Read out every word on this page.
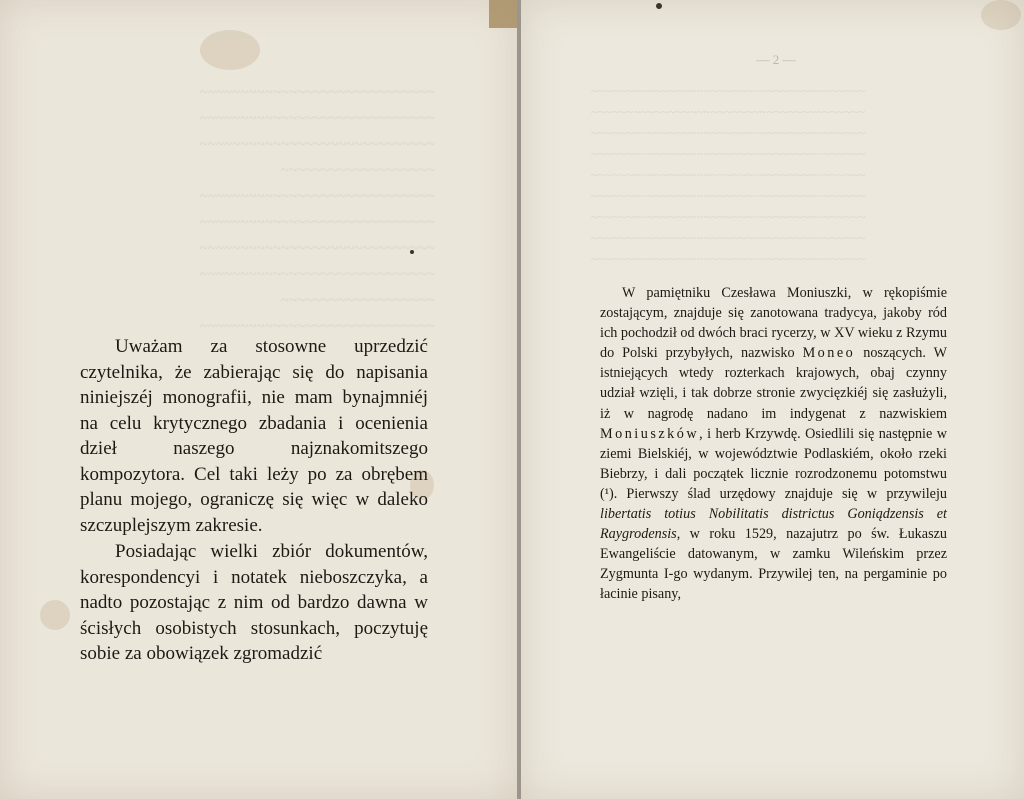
~~~~~~~~~~~~~~~~~~~~~~~~~~~~~
~~~~~~~~~~~~~~~~~~~~~~~~~~~~~
~~~~~~~~~~~~~~~~~~~~~~~~~~~~~
~~~~~~~~~~~~~~~~~~~
~~~~~~~~~~~~~~~~~~~~~~~~~~~~~
~~~~~~~~~~~~~~~~~~~~~~~~~~~~~
~~~~~~~~~~~~~~~~~~~~~~~~~~~~~
~~~~~~~~~~~~~~~~~~~~~~~~~~~~~
~~~~~~~~~~~~~~~~~~~
~~~~~~~~~~~~~~~~~~~~~~~~~~~~~

Uważam za stosowne uprzedzić czytelnika, że zabierając się do napisania niniejszéj monografii, nie mam bynajmniéj na celu krytycznego zbadania i ocenienia dzieł naszego najznakomitszego kompozytora. Cel taki leży po za obrębem planu mojego, ograniczę się więc w daleko szczuplejszym zakresie.

Posiadając wielki zbiór dokumentów, korespondencyi i notatek nieboszczyka, a nadto pozostając z nim od bardzo dawna w ścisłych osobistych stosunkach, poczytuję sobie za obowiązek zgromadzić

— 2 —
~~~~~~~~~~~~~~~~~~~~~~~~~~~~~~~~~~~~~~~
~~~~~~~~~~~~~~~~~~~~~~~~~~~~~~~~~~~~~~~
~~~~~~~~~~~~~~~~~~~~~~~~~~~~~~~~~~~~~~~
~~~~~~~~~~~~~~~~~~~~~~~~~~~~~~~~~~~~~~~
~~~~~~~~~~~~~~~~~~~~~~~~~~~~~~~~~~~~~~~
~~~~~~~~~~~~~~~~~~~~~~~~~~~~~~~~~~~~~~~
~~~~~~~~~~~~~~~~~~~~~~~~~~~~~~~~~~~~~~~
~~~~~~~~~~~~~~~~~~~~~~~~~~~~~~~~~~~~~~~
~~~~~~~~~~~~~~~~~~~~~~~~~~~~~~~~~~~~~~~

W pamiętniku Czesława Moniuszki, w rękopiśmie zostającym, znajduje się zanotowana tradycya, jakoby ród ich pochodził od dwóch braci rycerzy, w XV wieku z Rzymu do Polski przybyłych, nazwisko Moneo noszących. W istniejących wtedy rozterkach krajowych, obaj czynny udział wzięli, i tak dobrze stronie zwycięzkiéj się zasłużyli, iż w nagrodę nadano im indygenat z nazwiskiem Moniuszków, i herb Krzywdę. Osiedlili się następnie w ziemi Bielskiéj, w województwie Podlaskiém, około rzeki Biebrzy, i dali początek licznie rozrodzonemu potomstwu (¹). Pierwszy ślad urzędowy znajduje się w przywileju libertatis totius Nobilitatis districtus Goniądzensis et Raygrodensis, w roku 1529, nazajutrz po św. Łukaszu Ewangeliście datowanym, w zamku Wileńskim przez Zygmunta I-go wydanym. Przywilej ten, na pergaminie po łacinie pisany,
